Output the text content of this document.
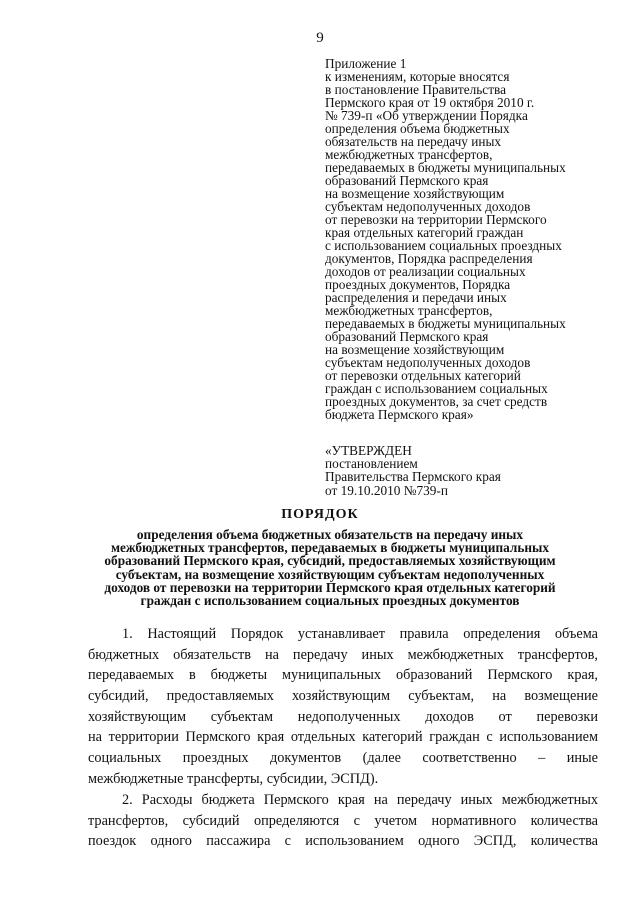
9
Приложение 1
к изменениям, которые вносятся
в постановление Правительства
Пермского края от 19 октября 2010 г.
№ 739-п «Об утверждении Порядка
определения объема бюджетных
обязательств на передачу иных
межбюджетных трансфертов,
передаваемых в бюджеты муниципальных
образований Пермского края
на возмещение хозяйствующим
субъектам недополученных доходов
от перевозки на территории Пермского
края отдельных категорий граждан
с использованием социальных проездных
документов, Порядка распределения
доходов от реализации социальных
проездных документов, Порядка
распределения и передачи иных
межбюджетных трансфертов,
передаваемых в бюджеты муниципальных
образований Пермского края
на возмещение хозяйствующим
субъектам недополученных доходов
от перевозки отдельных категорий
граждан с использованием социальных
проездных документов, за счет средств
бюджета Пермского края»
«УТВЕРЖДЕН
постановлением
Правительства Пермского края
от 19.10.2010 №739-п
ПОРЯДОК
определения объема бюджетных обязательств на передачу иных
межбюджетных трансфертов, передаваемых в бюджеты муниципальных
образований Пермского края, субсидий, предоставляемых хозяйствующим
субъектам, на возмещение хозяйствующим субъектам недополученных
доходов от перевозки на территории Пермского края отдельных категорий
граждан с использованием социальных проездных документов
1. Настоящий Порядок устанавливает правила определения объема
бюджетных обязательств на передачу иных межбюджетных трансфертов,
передаваемых в бюджеты муниципальных образований Пермского края,
субсидий, предоставляемых хозяйствующим субъектам, на возмещение
хозяйствующим субъектам недополученных доходов от перевозки
на территории Пермского края отдельных категорий граждан с использованием
социальных проездных документов (далее соответственно – иные
межбюджетные трансферты, субсидии, ЭСПД).
2. Расходы бюджета Пермского края на передачу иных межбюджетных
трансфертов, субсидий определяются с учетом нормативного количества
поездок одного пассажира с использованием одного ЭСПД, количества
